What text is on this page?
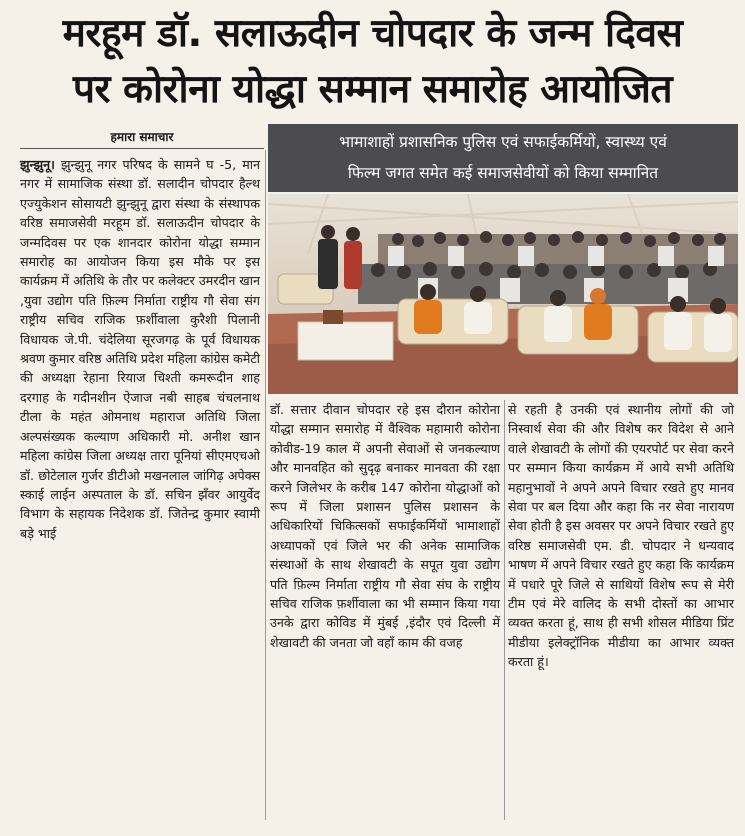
मरहूम डॉ. सलाऊदीन चोपदार के जन्म दिवस
पर कोरोना योद्धा सम्मान समारोह आयोजित
हमारा समाचार	भामाशाहों प्रशासनिक पुलिस एवं सफाईकर्मियों, स्वास्थ्य एवं
फिल्म जगत समेत कई समाजसेवीयों को किया सम्मानित

झुन्झुनू। झुन्झुनू नगर परिषद के सामने घ -5, मान नगर में सामाजिक संस्था डॉ. सलादीन चोपदार हैल्थ एज्युकेशन सोसायटी झुन्झुनू द्वारा संस्था के संस्थापक वरिष्ठ समाजसेवी मरहूम डॉ. सलाऊदीन चोपदार के जन्मदिवस पर एक शानदार कोरोना योद्धा सम्मान समारोह का आयोजन किया इस मौके पर इस कार्यक्रम में अतिथि के तौर पर कलेक्टर उमरदीन खान ,युवा उद्योग पति फ़िल्म निर्माता राष्ट्रीय गौ सेवा संग राष्ट्रीय सचिव राजिक फ़र्शीवाला कुरैशी पिलानी विधायक जे.पी. चंदेलिया सूरजगढ़ के पूर्व विधायक श्रवण कुमार वरिष्ठ अतिथि प्रदेश महिला कांग्रेस कमेटी की अध्यक्षा रेहाना रियाज चिश्ती कमरूदीन शाह दरगाह के गदीनशीन ऐजाज नबी साहब चंचलनाथ टीला के महंत ओमनाथ महाराज अतिथि जिला अल्पसंख्यक कल्याण अधिकारी मो. अनीश खान महिला कांग्रेस जिला अध्यक्ष तारा पूनियां सीएमएचओ डॉ. छोटेलाल गुर्जर डीटीओ मखनलाल जांगिढ़ अपेक्स स्काई लाईन अस्पताल के डॉ. सचिन झँवर आयुर्वेद विभाग के सहायक निदेशक डॉ. जितेन्द्र कुमार स्वामी बड़े भाई

डॉ. सत्तार दीवान चोपदार रहे इस दौरान कोरोना योद्धा सम्मान समारोह में वैश्विक महामारी कोरोना कोवीड-19 काल में अपनी सेवाओं से जनकल्याण और मानवहित को सुदृढ़ बनाकर मानवता की रक्षा करने जिलेभर के करीब 147 कोरोना योद्धाओं को रूप में जिला प्रशासन पुलिस प्रशासन के अधिकारियों चिकित्सकों सफाईकर्मियों भामाशाहों अध्यापकों एवं जिले भर की अनेक सामाजिक संस्थाओं के साथ शेखावटी के सपूत युवा उद्योग पति फ़िल्म निर्माता राष्ट्रीय गौ सेवा संघ के राष्ट्रीय सचिव राजिक फ़र्शीवाला का भी सम्मान किया गया उनके द्वारा कोविड में मुंबई ,इंदौर एवं दिल्ली में शेखावटी की जनता जो वहाँ काम की वजह

से रहती है उनकी एवं स्थानीय लोगों की जो निस्वार्थ सेवा की और विशेष कर विदेश से आने वाले शेखावटी के लोगों की एयरपोर्ट पर सेवा करने पर सम्मान किया कार्यक्रम में आये सभी अतिथि महानुभावों ने अपने अपने विचार रखते हुए मानव सेवा पर बल दिया और कहा कि नर सेवा नारायण सेवा होती है इस अवसर पर अपने विचार रखते हुए वरिष्ठ समाजसेवी एम. डी. चोपदार ने धन्यवाद भाषण में अपने विचार रखते हुए कहा कि कार्यक्रम में पधारे पूरे जिले से साथियों विशेष रूप से मेरी टीम एवं मेरे वालिद के सभी दोस्तों का आभार व्यक्त करता हूं, साथ ही सभी शोसल मीडिया प्रिंट मीडीया इलेक्ट्रॉनिक मीडीया का आभार व्यक्त करता हूं।
